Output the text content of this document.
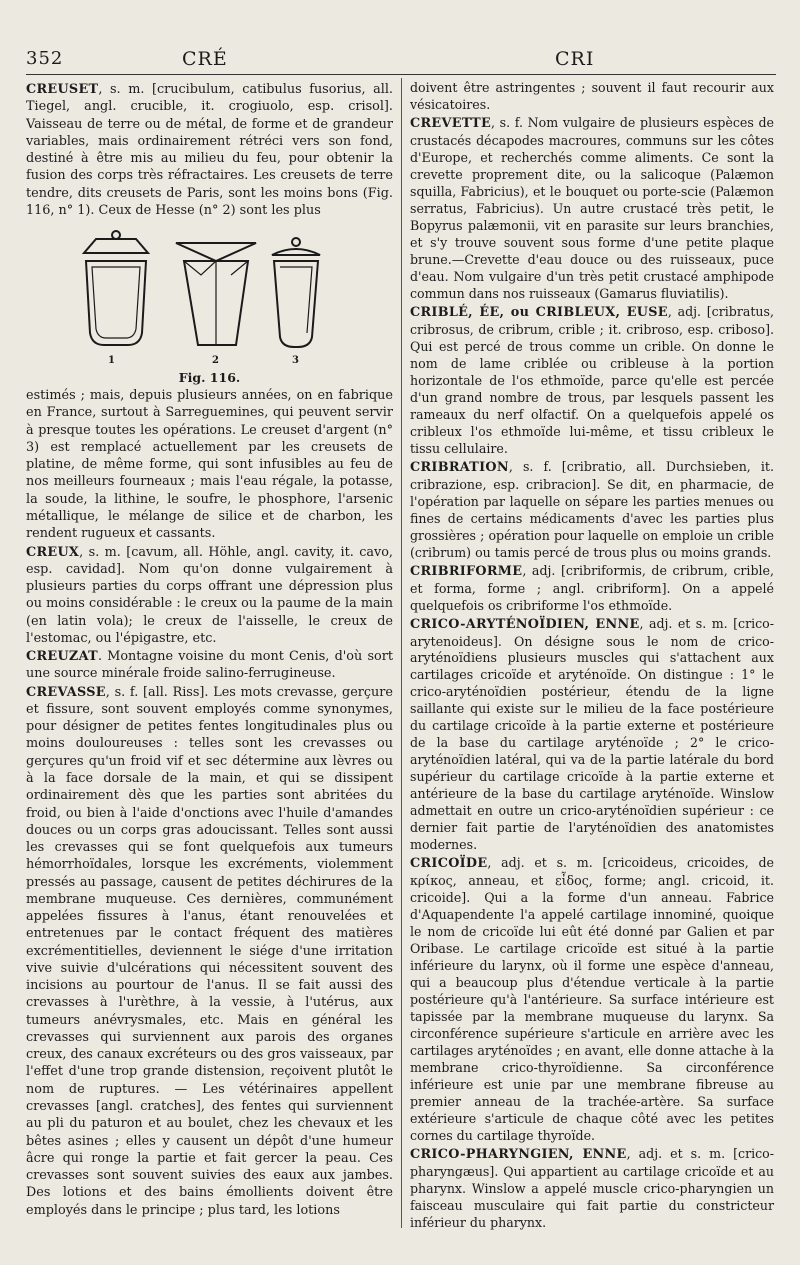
352	CRÉ	CRI

CREUSET, s. m. [crucibulum, catibulus fusorius, all. Tiegel, angl. crucible, it. crogiuolo, esp. crisol]. Vaisseau de terre ou de métal, de forme et de grandeur variables, mais ordinairement rétréci vers son fond, destiné à être mis au milieu du feu, pour obtenir la fusion des corps très réfractaires. Les creusets de terre tendre, dits creusets de Paris, sont les moins bons (Fig. 116, n° 1). Ceux de Hesse (n° 2) sont les plus

1	2	3
Fig. 116.

estimés ; mais, depuis plusieurs années, on en fabrique en France, surtout à Sarreguemines, qui peuvent servir à presque toutes les opérations. Le creuset d'argent (n° 3) est remplacé actuellement par les creusets de platine, de même forme, qui sont infusibles au feu de nos meilleurs fourneaux ; mais l'eau régale, la potasse, la soude, la lithine, le soufre, le phosphore, l'arsenic métallique, le mélange de silice et de charbon, les rendent rugueux et cassants.

CREUX, s. m. [cavum, all. Höhle, angl. cavity, it. cavo, esp. cavidad]. Nom qu'on donne vulgairement à plusieurs parties du corps offrant une dépression plus ou moins considérable : le creux ou la paume de la main (en latin vola); le creux de l'aisselle, le creux de l'estomac, ou l'épigastre, etc.

CREUZAT. Montagne voisine du mont Cenis, d'où sort une source minérale froide salino-ferrugineuse.

CREVASSE, s. f. [all. Riss]. Les mots crevasse, gerçure et fissure, sont souvent employés comme synonymes, pour désigner de petites fentes longitudinales plus ou moins douloureuses : telles sont les crevasses ou gerçures qu'un froid vif et sec détermine aux lèvres ou à la face dorsale de la main, et qui se dissipent ordinairement dès que les parties sont abritées du froid, ou bien à l'aide d'onctions avec l'huile d'amandes douces ou un corps gras adoucissant. Telles sont aussi les crevasses qui se font quelquefois aux tumeurs hémorrhoïdales, lorsque les excréments, violemment pressés au passage, causent de petites déchirures de la membrane muqueuse. Ces dernières, communément appelées fissures à l'anus, étant renouvelées et entretenues par le contact fréquent des matières excrémentitielles, deviennent le siége d'une irritation vive suivie d'ulcérations qui nécessitent souvent des incisions au pourtour de l'anus. Il se fait aussi des crevasses à l'urèthre, à la vessie, à l'utérus, aux tumeurs anévrysmales, etc. Mais en général les crevasses qui surviennent aux parois des organes creux, des canaux excréteurs ou des gros vaisseaux, par l'effet d'une trop grande distension, reçoivent plutôt le nom de ruptures. — Les vétérinaires appellent crevasses [angl. cratches], des fentes qui surviennent au pli du paturon et au boulet, chez les chevaux et les bêtes asines ; elles y causent un dépôt d'une humeur âcre qui ronge la partie et fait gercer la peau. Ces crevasses sont souvent suivies des eaux aux jambes. Des lotions et des bains émollients doivent être employés dans le principe ; plus tard, les lotions

doivent être astringentes ; souvent il faut recourir aux vésicatoires.

CREVETTE, s. f. Nom vulgaire de plusieurs espèces de crustacés décapodes macroures, communs sur les côtes d'Europe, et recherchés comme aliments. Ce sont la crevette proprement dite, ou la salicoque (Palæmon squilla, Fabricius), et le bouquet ou porte-scie (Palæmon serratus, Fabricius). Un autre crustacé très petit, le Bopyrus palæmonii, vit en parasite sur leurs branchies, et s'y trouve souvent sous forme d'une petite plaque brune.—Crevette d'eau douce ou des ruisseaux, puce d'eau. Nom vulgaire d'un très petit crustacé amphipode commun dans nos ruisseaux (Gamarus fluviatilis).

CRIBLÉ, ÉE, ou CRIBLEUX, EUSE, adj. [cribratus, cribrosus, de cribrum, crible ; it. cribroso, esp. criboso]. Qui est percé de trous comme un crible. On donne le nom de lame criblée ou cribleuse à la portion horizontale de l'os ethmoïde, parce qu'elle est percée d'un grand nombre de trous, par lesquels passent les rameaux du nerf olfactif. On a quelquefois appelé os cribleux l'os ethmoïde lui-même, et tissu cribleux le tissu cellulaire.

CRIBRATION, s. f. [cribratio, all. Durchsieben, it. cribrazione, esp. cribracion]. Se dit, en pharmacie, de l'opération par laquelle on sépare les parties menues ou fines de certains médicaments d'avec les parties plus grossières ; opération pour laquelle on emploie un crible (cribrum) ou tamis percé de trous plus ou moins grands.

CRIBRIFORME, adj. [cribriformis, de cribrum, crible, et forma, forme ; angl. cribriform]. On a appelé quelquefois os cribriforme l'os ethmoïde.

CRICO-ARYTÉNOÏDIEN, ENNE, adj. et s. m. [crico-arytenoideus]. On désigne sous le nom de crico-aryténoïdiens plusieurs muscles qui s'attachent aux cartilages cricoïde et aryténoïde. On distingue : 1° le crico-aryténoïdien postérieur, étendu de la ligne saillante qui existe sur le milieu de la face postérieure du cartilage cricoïde à la partie externe et postérieure de la base du cartilage aryténoïde ; 2° le crico-aryténoïdien latéral, qui va de la partie latérale du bord supérieur du cartilage cricoïde à la partie externe et antérieure de la base du cartilage aryténoïde. Winslow admettait en outre un crico-aryténoïdien supérieur : ce dernier fait partie de l'aryténoïdien des anatomistes modernes.

CRICOÏDE, adj. et s. m. [cricoideus, cricoides, de κρίκος, anneau, et εἶδος, forme; angl. cricoid, it. cricoide]. Qui a la forme d'un anneau. Fabrice d'Aquapendente l'a appelé cartilage innominé, quoique le nom de cricoïde lui eût été donné par Galien et par Oribase. Le cartilage cricoïde est situé à la partie inférieure du larynx, où il forme une espèce d'anneau, qui a beaucoup plus d'étendue verticale à la partie postérieure qu'à l'antérieure. Sa surface intérieure est tapissée par la membrane muqueuse du larynx. Sa circonférence supérieure s'articule en arrière avec les cartilages aryténoïdes ; en avant, elle donne attache à la membrane crico-thyroïdienne. Sa circonférence inférieure est unie par une membrane fibreuse au premier anneau de la trachée-artère. Sa surface extérieure s'articule de chaque côté avec les petites cornes du cartilage thyroïde.

CRICO-PHARYNGIEN, ENNE, adj. et s. m. [crico-pharyngæus]. Qui appartient au cartilage cricoïde et au pharynx. Winslow a appelé muscle crico-pharyngien un faisceau musculaire qui fait partie du constricteur inférieur du pharynx.
